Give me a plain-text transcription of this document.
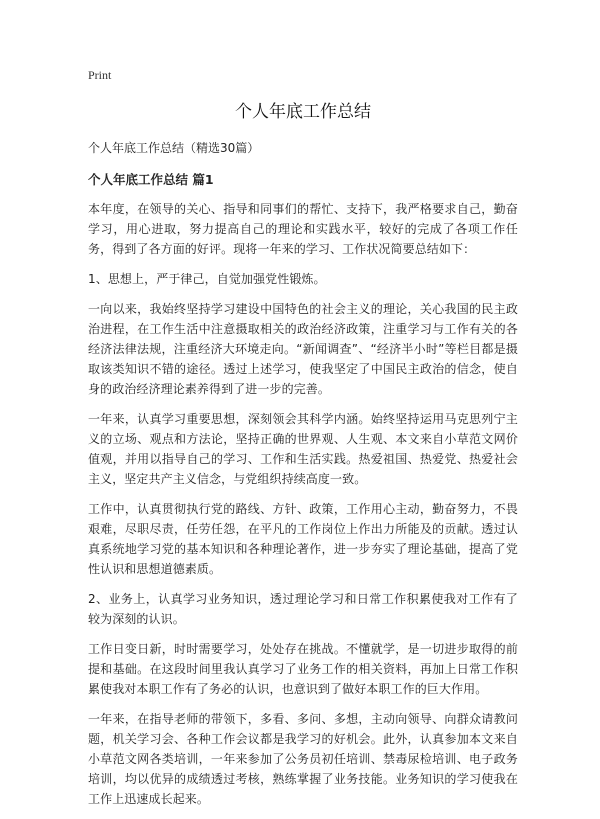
Print
个人年底工作总结
个人年底工作总结（精选30篇）
个人年底工作总结 篇1

本年度，在领导的关心、指导和同事们的帮忙、支持下，我严格要求自己，勤奋学习，用心进取，努力提高自己的理论和实践水平，较好的完成了各项工作任务，得到了各方面的好评。现将一年来的学习、工作状况简要总结如下：

1、思想上，严于律己，自觉加强党性锻炼。

一向以来，我始终坚持学习建设中国特色的社会主义的理论，关心我国的民主政治进程，在工作生活中注意摄取相关的政治经济政策，注重学习与工作有关的各经济法律法规，注重经济大环境走向。“新闻调查”、“经济半小时”等栏目都是摄取该类知识不错的途径。透过上述学习，使我坚定了中国民主政治的信念，使自身的政治经济理论素养得到了进一步的完善。

一年来，认真学习重要思想，深刻领会其科学内涵。始终坚持运用马克思列宁主义的立场、观点和方法论，坚持正确的世界观、人生观、本文来自小草范文网价值观，并用以指导自己的学习、工作和生活实践。热爱祖国、热爱党、热爱社会主义，坚定共产主义信念，与党组织持续高度一致。

工作中，认真贯彻执行党的路线、方针、政策，工作用心主动，勤奋努力，不畏艰难，尽职尽责，任劳任怨，在平凡的工作岗位上作出力所能及的贡献。透过认真系统地学习党的基本知识和各种理论著作，进一步夯实了理论基础，提高了党性认识和思想道德素质。

2、业务上，认真学习业务知识，透过理论学习和日常工作积累使我对工作有了较为深刻的认识。

工作日变日新，时时需要学习，处处存在挑战。不懂就学，是一切进步取得的前提和基础。在这段时间里我认真学习了业务工作的相关资料，再加上日常工作积累使我对本职工作有了务必的认识，也意识到了做好本职工作的巨大作用。

一年来，在指导老师的带领下，多看、多问、多想，主动向领导、向群众请教问题，机关学习会、各种工作会议都是我学习的好机会。此外，认真参加本文来自小草范文网各类培训，一年来参加了公务员初任培训、禁毒尿检培训、电子政务培训，均以优异的成绩透过考核，熟练掌握了业务技能。业务知识的学习使我在工作上迅速成长起来。
